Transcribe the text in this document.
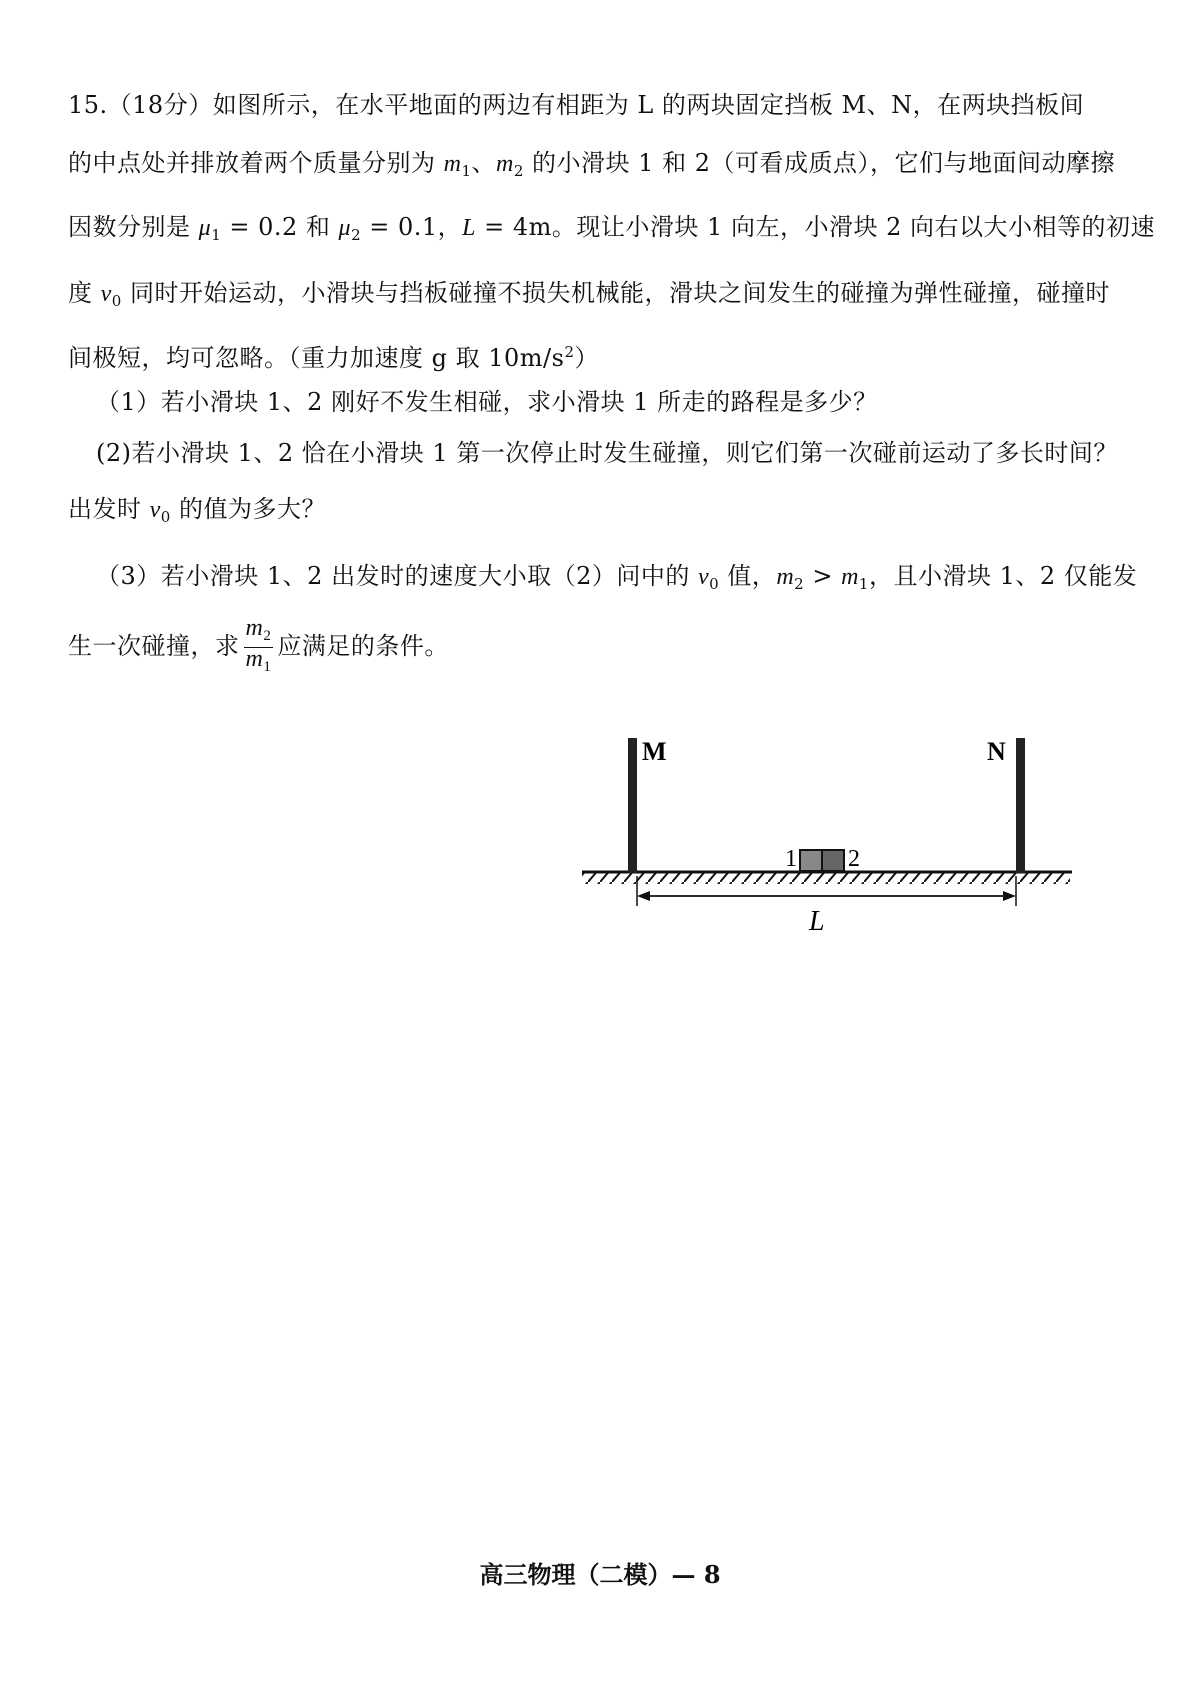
15.（18分）如图所示，在水平地面的两边有相距为 L 的两块固定挡板 M、N，在两块挡板间
的中点处并排放着两个质量分别为 $m_1$、$m_2$ 的小滑块 1 和 2（可看成质点），它们与地面间动摩擦
因数分别是 $\mu_1 = 0.2$ 和 $\mu_2 = 0.1$，L = 4m。现让小滑块 1 向左，小滑块 2 向右以大小相等的初速
度 $v_0$ 同时开始运动，小滑块与挡板碰撞不损失机械能，滑块之间发生的碰撞为弹性碰撞，碰撞时
间极短，均可忽略。（重力加速度 g 取 $10m/s^2$）
（1）若小滑块 1、2 刚好不发生相碰，求小滑块 1 所走的路程是多少？
(2)若小滑块 1、2 恰在小滑块 1 第一次停止时发生碰撞，则它们第一次碰前运动了多长时间？
出发时 $v_0$ 的值为多大？
（3）若小滑块 1、2 出发时的速度大小取（2）问中的 $v_0$ 值，$m_2 > m_1$，且小滑块 1、2 仅能发
生一次碰撞，求 $\frac{m_2}{m_1}$ 应满足的条件。
M	N
1 2
L
高三物理（二模）— 8
